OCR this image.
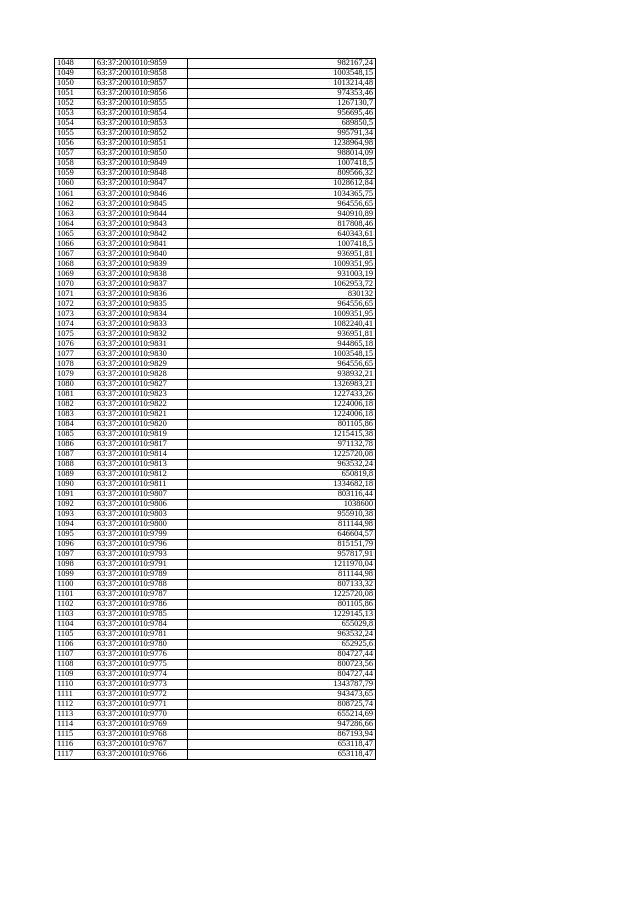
1048	63:37:2001010:9859	982167,24
1049	63:37:2001010:9858	1003548,15
1050	63:37:2001010:9857	1013214,48
1051	63:37:2001010:9856	974353,46
1052	63:37:2001010:9855	1267130,7
1053	63:37:2001010:9854	956695,46
1054	63:37:2001010:9853	689850,5
1055	63:37:2001010:9852	995791,34
1056	63:37:2001010:9851	1238964,98
1057	63:37:2001010:9850	988014,09
1058	63:37:2001010:9849	1007418,5
1059	63:37:2001010:9848	809566,32
1060	63:37:2001010:9847	1028612,84
1061	63:37:2001010:9846	1034365,75
1062	63:37:2001010:9845	964556,65
1063	63:37:2001010:9844	940910,89
1064	63:37:2001010:9843	817808,46
1065	63:37:2001010:9842	640343,61
1066	63:37:2001010:9841	1007418,5
1067	63:37:2001010:9840	936951,81
1068	63:37:2001010:9839	1009351,95
1069	63:37:2001010:9838	931003,19
1070	63:37:2001010:9837	1062953,72
1071	63:37:2001010:9836	830132
1072	63:37:2001010:9835	964556,65
1073	63:37:2001010:9834	1009351,95
1074	63:37:2001010:9833	1082240,41
1075	63:37:2001010:9832	936951,81
1076	63:37:2001010:9831	944865,18
1077	63:37:2001010:9830	1003548,15
1078	63:37:2001010:9829	964556,65
1079	63:37:2001010:9828	938932,21
1080	63:37:2001010:9827	1326983,21
1081	63:37:2001010:9823	1227433,26
1082	63:37:2001010:9822	1224006,18
1083	63:37:2001010:9821	1224006,18
1084	63:37:2001010:9820	801105,86
1085	63:37:2001010:9819	1215415,38
1086	63:37:2001010:9817	971132,78
1087	63:37:2001010:9814	1225720,08
1088	63:37:2001010:9813	963532,24
1089	63:37:2001010:9812	650819,8
1090	63:37:2001010:9811	1334682,18
1091	63:37:2001010:9807	803116,44
1092	63:37:2001010:9806	1038600
1093	63:37:2001010:9803	955910,38
1094	63:37:2001010:9800	811144,98
1095	63:37:2001010:9799	646604,57
1096	63:37:2001010:9796	815151,79
1097	63:37:2001010:9793	957817,91
1098	63:37:2001010:9791	1211970,04
1099	63:37:2001010:9789	811144,98
1100	63:37:2001010:9788	807133,32
1101	63:37:2001010:9787	1225720,08
1102	63:37:2001010:9786	801105,86
1103	63:37:2001010:9785	1229145,13
1104	63:37:2001010:9784	655029,8
1105	63:37:2001010:9781	963532,24
1106	63:37:2001010:9780	652925,6
1107	63:37:2001010:9776	804727,44
1108	63:37:2001010:9775	800723,56
1109	63:37:2001010:9774	804727,44
1110	63:37:2001010:9773	1343787,79
1111	63:37:2001010:9772	943473,65
1112	63:37:2001010:9771	808725,74
1113	63:37:2001010:9770	655214,69
1114	63:37:2001010:9769	947286,66
1115	63:37:2001010:9768	867193,94
1116	63:37:2001010:9767	653118,47
1117	63:37:2001010:9766	653118,47
